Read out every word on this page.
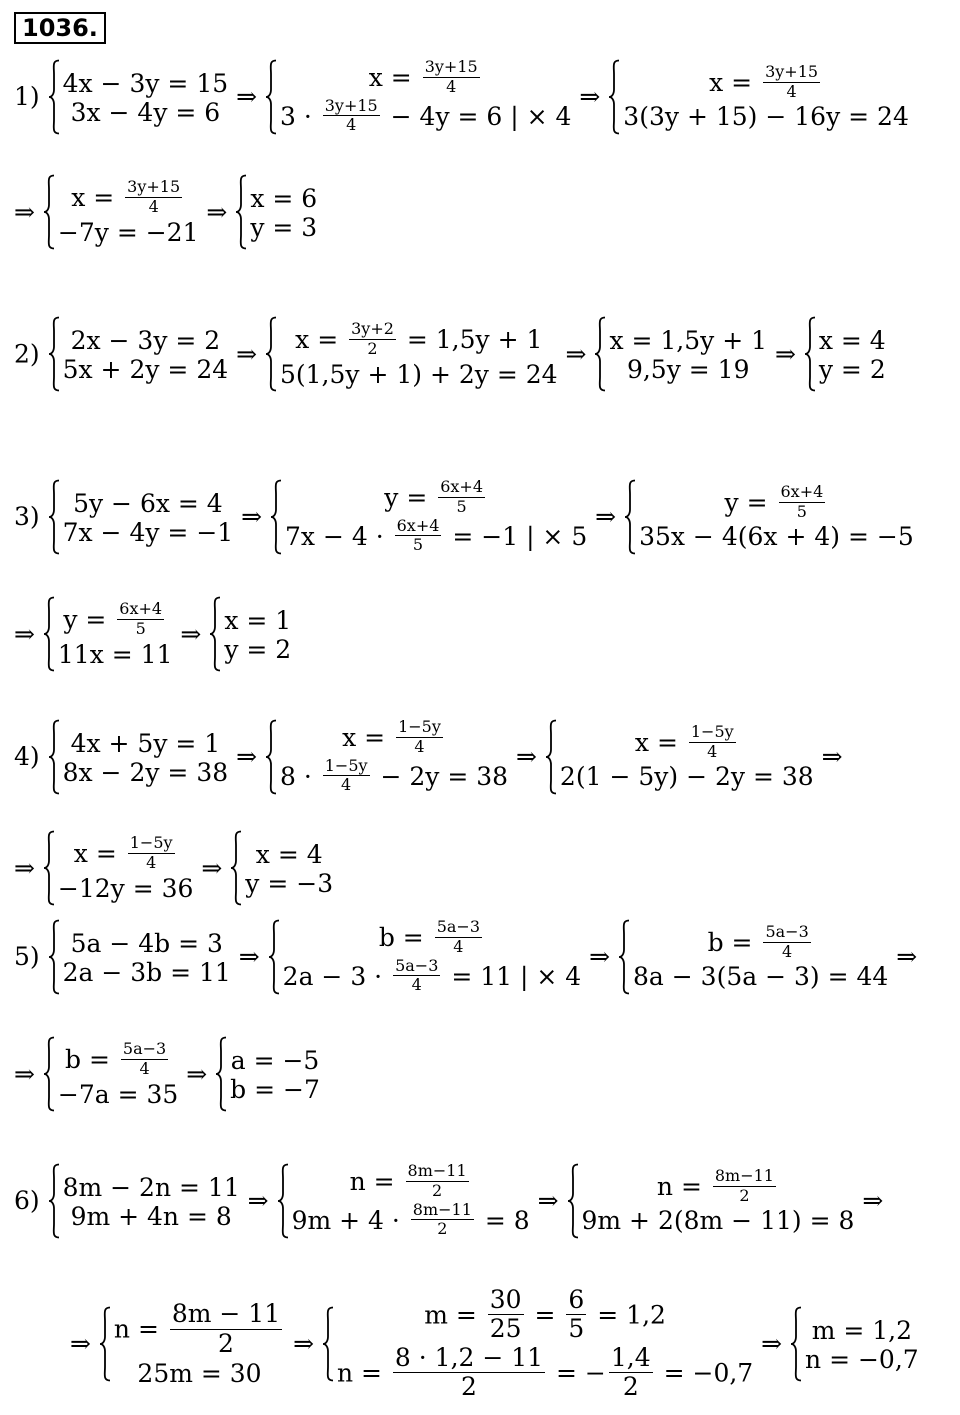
1036.
1) 4x − 3y = 15
3x − 4y = 6
⇒
$x = \frac{3y+15}{4}$
$3 \cdot \frac{3y+15}{4} - 4y = 6$ | × 4
⇒	$x = \frac{3y+15}{4}$
3(3y + 15) − 16y = 24
⇒	$x = \frac{3y+15}{4}$
−7y = −21
⇒ x = 6
y = 3
2) 2x − 3y = 2
5x + 2y = 24
⇒	$x = \frac{3y+2}{2} = 1,5y + 1$
5(1,5y + 1) + 2y = 24
⇒ x = 1,5y + 1
9,5y = 19
⇒ x = 4
y = 2
3)	5y − 6x = 4
7x − 4y = −1
⇒
$y = \frac{6x+4}{5}$
$7x - 4 \cdot \frac{6x+4}{5} = -1$ | × 5
⇒	$y = \frac{6x+4}{5}$
35x − 4(6x + 4) = −5
⇒ $y = \frac{6x+4}{5}$
11x = 11
⇒ x = 1
y = 2
4) 4x + 5y = 1
8x − 2y = 38
⇒
$x = \frac{1-5y}{4}$
$8 \cdot \frac{1-5y}{4} - 2y = 38$
⇒	$x = \frac{1-5y}{4}$
2(1 − 5y) − 2y = 38
⇒
⇒	$x = \frac{1-5y}{4}$
−12y = 36
⇒	x = 4
y = −3
5) 5a − 4b = 3
2a − 3b = 11
⇒
$b = \frac{5a-3}{4}$
$2a - 3 \cdot \frac{5a-3}{4} = 11$ | × 4
⇒	$b = \frac{5a-3}{4}$
8a − 3(5a − 3) = 44
⇒
⇒ $b = \frac{5a-3}{4}$
−7a = 35
⇒ a = −5
b = −7
6) 8m − 2n = 11
9m + 4n = 8
⇒
$n = \frac{8m-11}{2}$
$9m + 4 \cdot \frac{8m-11}{2} = 8$
⇒	$n = \frac{8m-11}{2}$
9m + 2(8m − 11) = 8
⇒
⇒ $n = \frac{8m - 11}{2}$
25m = 30
⇒
$m = \frac{30}{25} = \frac{6}{5} = 1,2$
$n = \frac{8 \cdot 1,2 - 11}{2}$ = − $\frac{1,4}{2} = -0,7$
⇒ m = 1,2
n = −0,7
